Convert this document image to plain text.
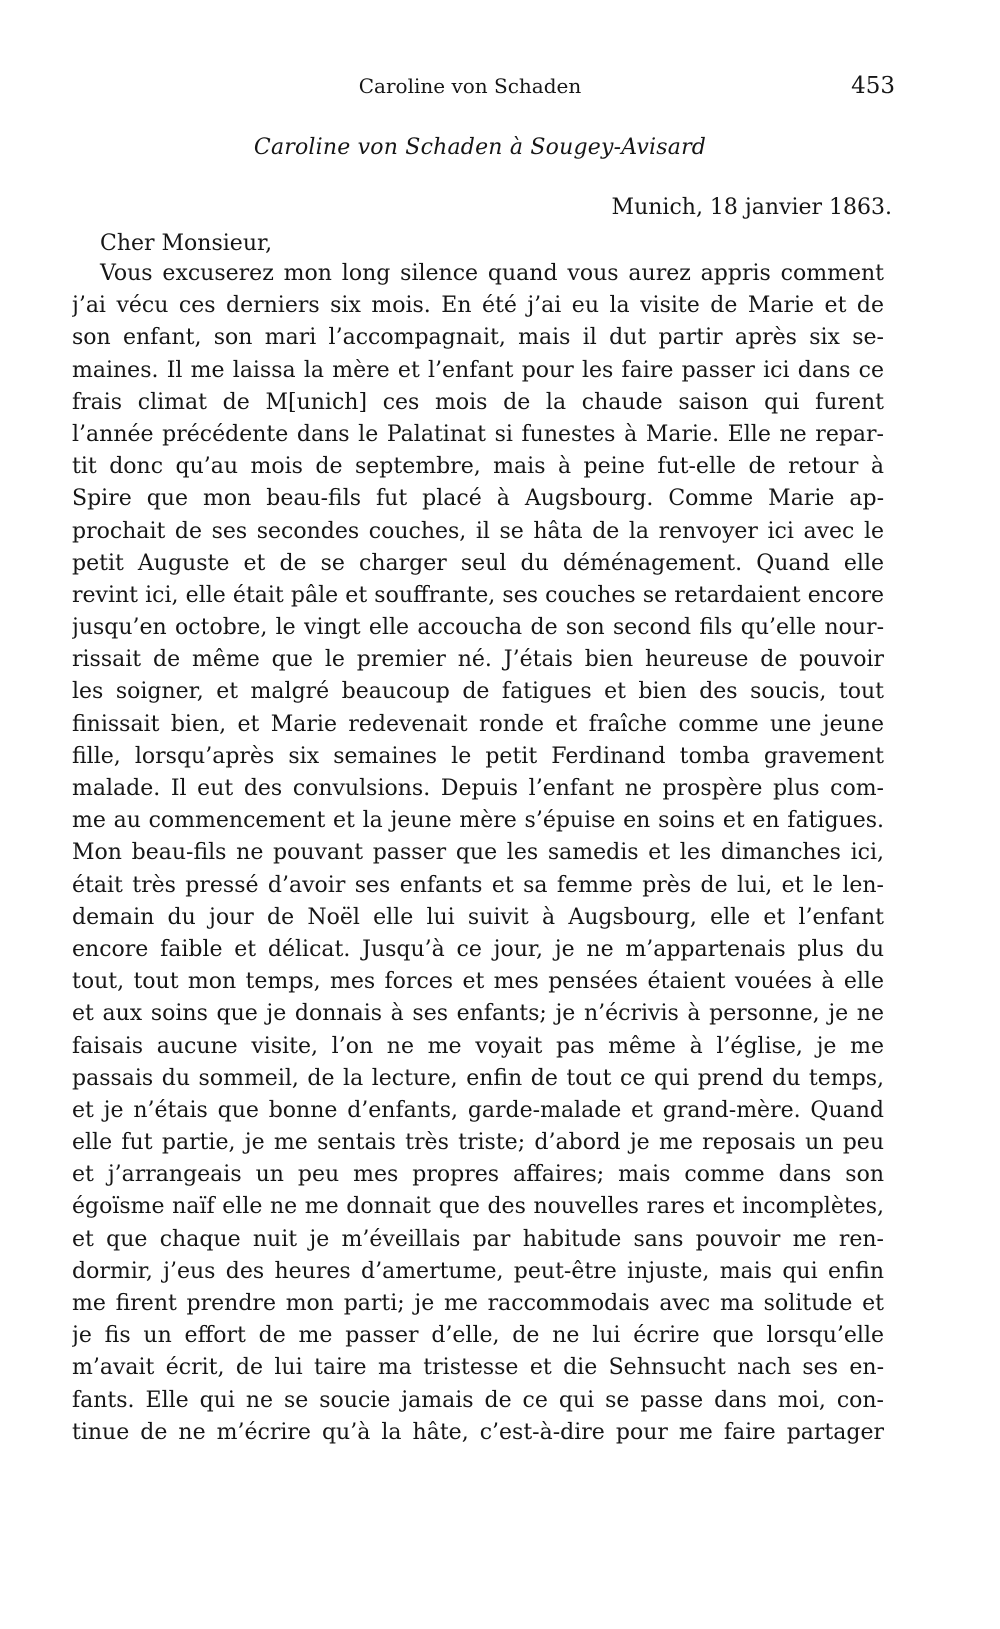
Caroline von Schaden	453
Caroline von Schaden à Sougey-Avisard
Munich, 18 janvier 1863.
Cher Monsieur,
Vous excuserez mon long silence quand vous aurez appris comment
j’ai vécu ces derniers six mois. En été j’ai eu la visite de Marie et de
son enfant, son mari l’accompagnait, mais il dut partir après six se-
maines. Il me laissa la mère et l’enfant pour les faire passer ici dans ce
frais climat de M[unich] ces mois de la chaude saison qui furent
l’année précédente dans le Palatinat si funestes à Marie. Elle ne repar-
tit donc qu’au mois de septembre, mais à peine fut-elle de retour à
Spire que mon beau-fils fut placé à Augsbourg. Comme Marie ap-
prochait de ses secondes couches, il se hâta de la renvoyer ici avec le
petit Auguste et de se charger seul du déménagement. Quand elle
revint ici, elle était pâle et souffrante, ses couches se retardaient encore
jusqu’en octobre, le vingt elle accoucha de son second fils qu’elle nour-
rissait de même que le premier né. J’étais bien heureuse de pouvoir
les soigner, et malgré beaucoup de fatigues et bien des soucis, tout
finissait bien, et Marie redevenait ronde et fraîche comme une jeune
fille, lorsqu’après six semaines le petit Ferdinand tomba gravement
malade. Il eut des convulsions. Depuis l’enfant ne prospère plus com-
me au commencement et la jeune mère s’épuise en soins et en fatigues.
Mon beau-fils ne pouvant passer que les samedis et les dimanches ici,
était très pressé d’avoir ses enfants et sa femme près de lui, et le len-
demain du jour de Noël elle lui suivit à Augsbourg, elle et l’enfant
encore faible et délicat. Jusqu’à ce jour, je ne m’appartenais plus du
tout, tout mon temps, mes forces et mes pensées étaient vouées à elle
et aux soins que je donnais à ses enfants; je n’écrivis à personne, je ne
faisais aucune visite, l’on ne me voyait pas même à l’église, je me
passais du sommeil, de la lecture, enfin de tout ce qui prend du temps,
et je n’étais que bonne d’enfants, garde-malade et grand-mère. Quand
elle fut partie, je me sentais très triste; d’abord je me reposais un peu
et j’arrangeais un peu mes propres affaires; mais comme dans son
égoïsme naïf elle ne me donnait que des nouvelles rares et incomplètes,
et que chaque nuit je m’éveillais par habitude sans pouvoir me ren-
dormir, j’eus des heures d’amertume, peut-être injuste, mais qui enfin
me firent prendre mon parti; je me raccommodais avec ma solitude et
je fis un effort de me passer d’elle, de ne lui écrire que lorsqu’elle
m’avait écrit, de lui taire ma tristesse et die Sehnsucht nach ses en-
fants. Elle qui ne se soucie jamais de ce qui se passe dans moi, con-
tinue de ne m’écrire qu’à la hâte, c’est-à-dire pour me faire partager
